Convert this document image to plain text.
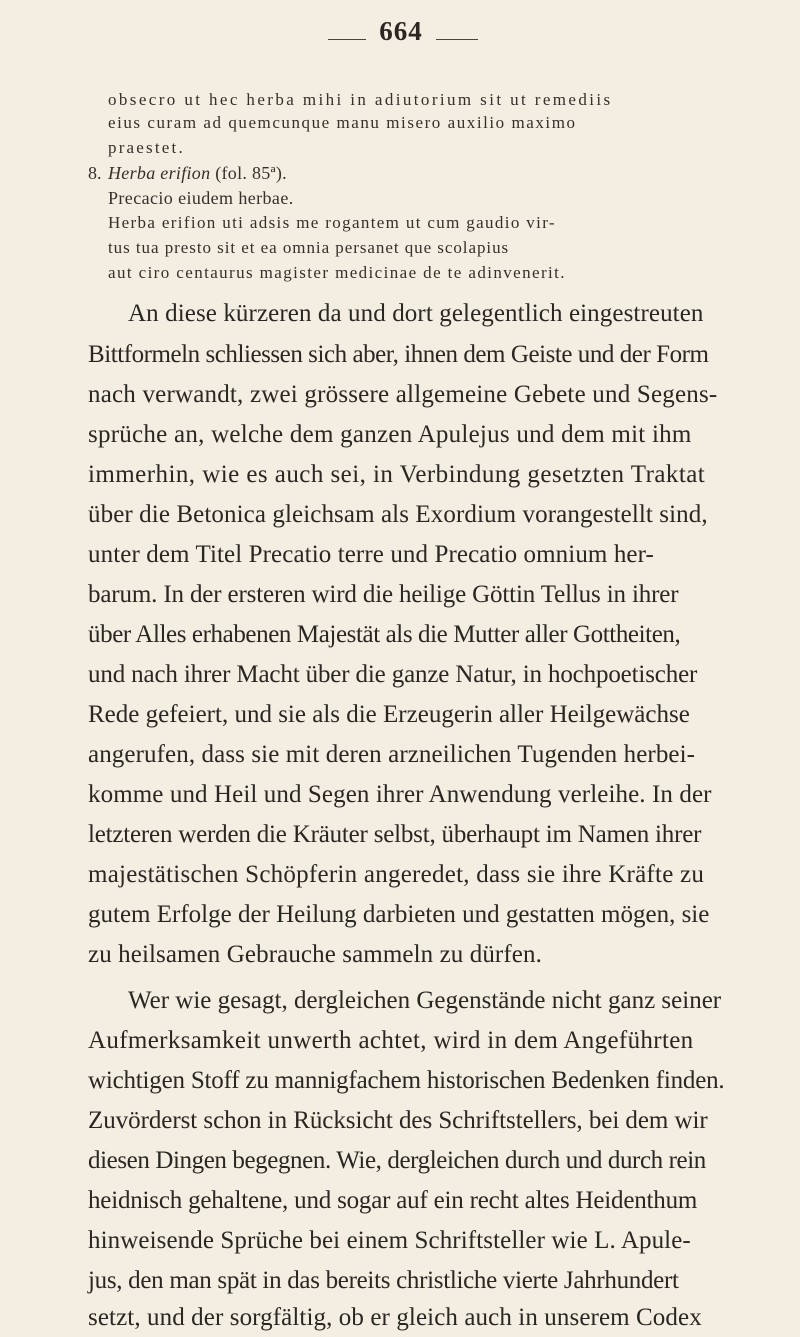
664
obsecro ut hec herba mihi in adiutorium sit ut remediis
eius curam ad quemcunque manu misero auxilio maximo
praestet.
8. Herba erifion (fol. 85ª).
Precacio eiudem herbae.
Herba erifion uti adsis me rogantem ut cum gaudio vir-
tus tua presto sit et ea omnia persanet que scolapius
aut ciro centaurus magister medicinae de te adinvenerit.
An diese kürzeren da und dort gelegentlich eingestreuten
Bittformeln schliessen sich aber, ihnen dem Geiste und der Form
nach verwandt, zwei grössere allgemeine Gebete und Segens-
sprüche an, welche dem ganzen Apulejus und dem mit ihm
immerhin, wie es auch sei, in Verbindung gesetzten Traktat
über die Betonica gleichsam als Exordium vorangestellt sind,
unter dem Titel Precatio terre und Precatio omnium her-
barum. In der ersteren wird die heilige Göttin Tellus in ihrer
über Alles erhabenen Majestät als die Mutter aller Gottheiten,
und nach ihrer Macht über die ganze Natur, in hochpoetischer
Rede gefeiert, und sie als die Erzeugerin aller Heilgewächse
angerufen, dass sie mit deren arzneilichen Tugenden herbei-
komme und Heil und Segen ihrer Anwendung verleihe. In der
letzteren werden die Kräuter selbst, überhaupt im Namen ihrer
majestätischen Schöpferin angeredet, dass sie ihre Kräfte zu
gutem Erfolge der Heilung darbieten und gestatten mögen, sie
zu heilsamen Gebrauche sammeln zu dürfen.
Wer wie gesagt, dergleichen Gegenstände nicht ganz seiner
Aufmerksamkeit unwerth achtet, wird in dem Angeführten
wichtigen Stoff zu mannigfachem historischen Bedenken finden.
Zuvörderst schon in Rücksicht des Schriftstellers, bei dem wir
diesen Dingen begegnen. Wie, dergleichen durch und durch rein
heidnisch gehaltene, und sogar auf ein recht altes Heidenthum
hinweisende Sprüche bei einem Schriftsteller wie L. Apule-
jus, den man spät in das bereits christliche vierte Jahrhundert
setzt, und der sorgfältig, ob er gleich auch in unserem Codex
